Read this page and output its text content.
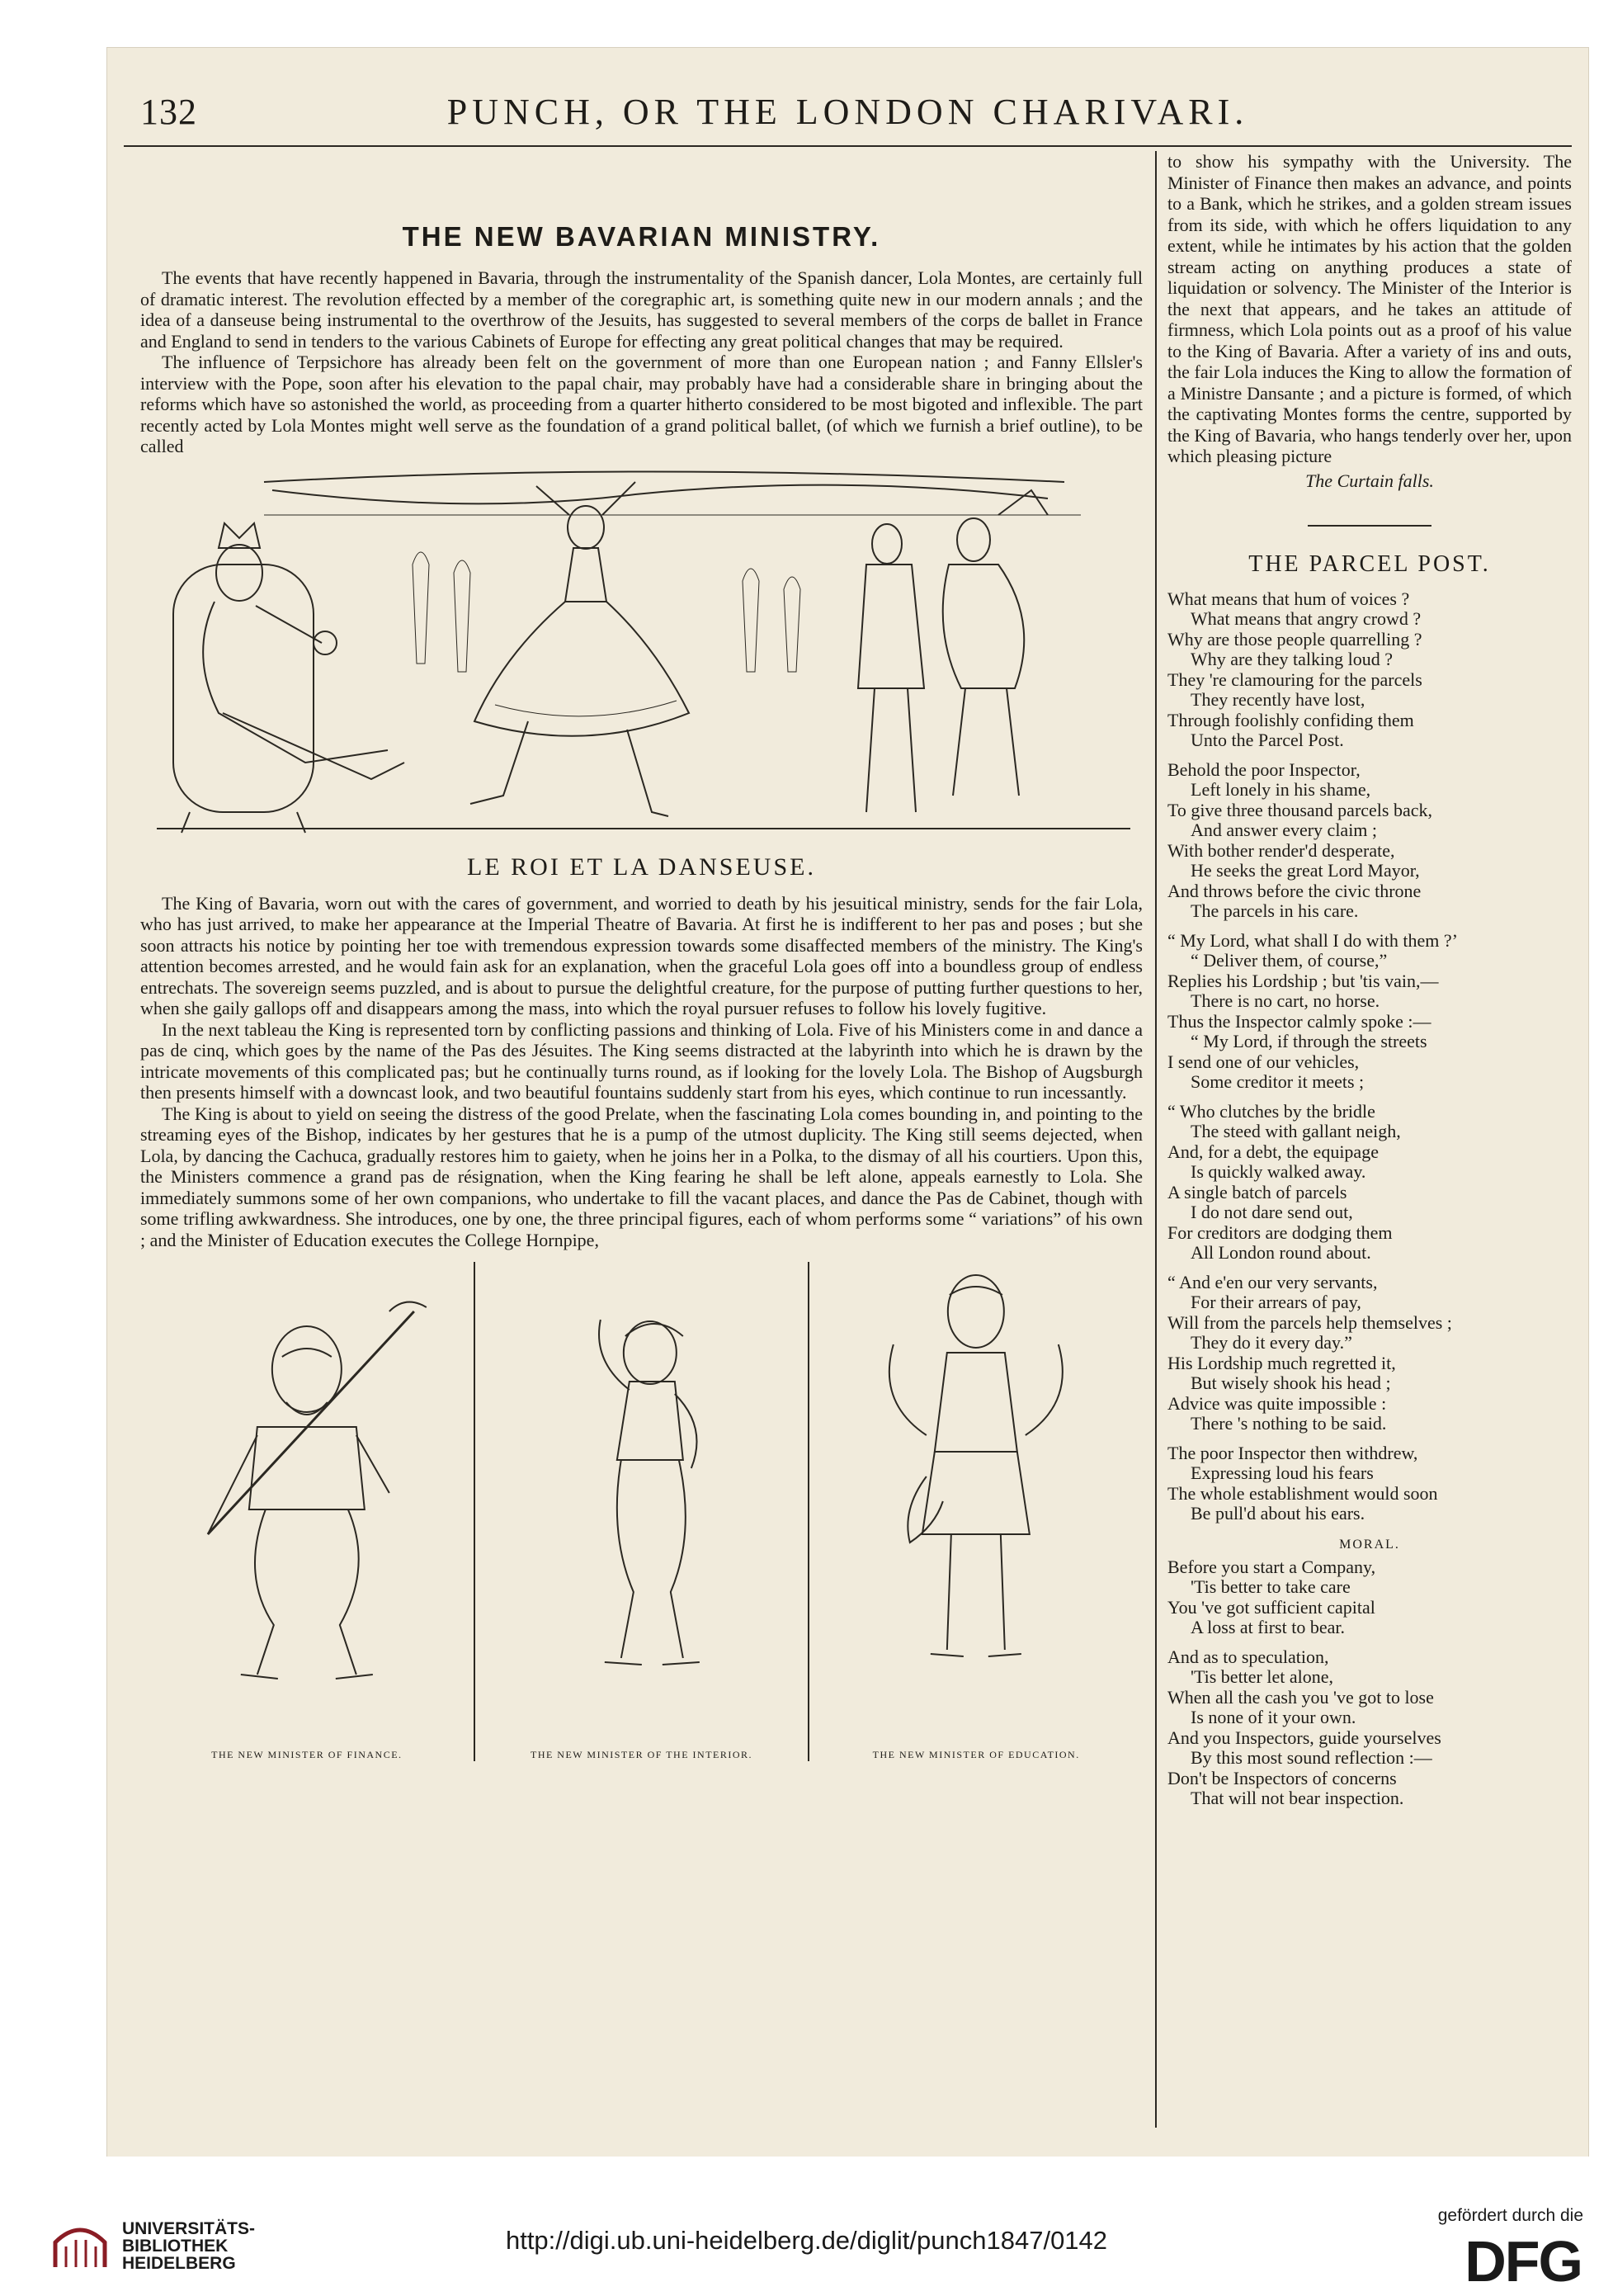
132	PUNCH, OR THE LONDON CHARIVARI.
THE NEW BAVARIAN MINISTRY.

The events that have recently happened in Bavaria, through the instrumentality of the Spanish dancer, Lola Montes, are certainly full of dramatic interest. The revolution effected by a member of the coregraphic art, is something quite new in our modern annals ; and the idea of a danseuse being instrumental to the overthrow of the Jesuits, has suggested to several members of the corps de ballet in France and England to send in tenders to the various Cabinets of Europe for effecting any great political changes that may be required.

The influence of Terpsichore has already been felt on the government of more than one European nation ; and Fanny Ellsler's interview with the Pope, soon after his elevation to the papal chair, may probably have had a considerable share in bringing about the reforms which have so astonished the world, as proceeding from a quarter hitherto considered to be most bigoted and inflexible. The part recently acted by Lola Montes might well serve as the foundation of a grand political ballet, (of which we furnish a brief outline), to be called

LE ROI ET LA DANSEUSE.

The King of Bavaria, worn out with the cares of government, and worried to death by his jesuitical ministry, sends for the fair Lola, who has just arrived, to make her appearance at the Imperial Theatre of Bavaria. At first he is indifferent to her pas and poses ; but she soon attracts his notice by pointing her toe with tremendous expression towards some disaffected members of the ministry. The King's attention becomes arrested, and he would fain ask for an explanation, when the graceful Lola goes off into a boundless group of endless entrechats. The sovereign seems puzzled, and is about to pursue the delightful creature, for the purpose of putting further questions to her, when she gaily gallops off and disappears among the mass, into which the royal pursuer refuses to follow his lovely fugitive.

In the next tableau the King is represented torn by conflicting passions and thinking of Lola. Five of his Ministers come in and dance a pas de cinq, which goes by the name of the Pas des Jésuites. The King seems distracted at the labyrinth into which he is drawn by the intricate movements of this complicated pas; but he continually turns round, as if looking for the lovely Lola. The Bishop of Augsburgh then presents himself with a downcast look, and two beautiful fountains suddenly start from his eyes, which continue to run incessantly.

The King is about to yield on seeing the distress of the good Prelate, when the fascinating Lola comes bounding in, and pointing to the streaming eyes of the Bishop, indicates by her gestures that he is a pump of the utmost duplicity. The King still seems dejected, when Lola, by dancing the Cachuca, gradually restores him to gaiety, when he joins her in a Polka, to the dismay of all his courtiers. Upon this, the Ministers commence a grand pas de résignation, when the King fearing he shall be left alone, appeals earnestly to Lola. She immediately summons some of her own companions, who undertake to fill the vacant places, and dance the Pas de Cabinet, though with some trifling awkwardness. She introduces, one by one, the three principal figures, each of whom performs some “ variations” of his own ; and the Minister of Education executes the College Hornpipe,

THE NEW MINISTER OF FINANCE.	THE NEW MINISTER OF THE INTERIOR.	THE NEW MINISTER OF EDUCATION.

to show his sympathy with the University. The Minister of Finance then makes an advance, and points to a Bank, which he strikes, and a golden stream issues from its side, with which he offers liquidation to any extent, while he intimates by his action that the golden stream acting on anything produces a state of liquidation or solvency. The Minister of the Interior is the next that appears, and he takes an attitude of firmness, which Lola points out as a proof of his value to the King of Bavaria. After a variety of ins and outs, the fair Lola induces the King to allow the formation of a Ministre Dansante ; and a picture is formed, of which the captivating Montes forms the centre, supported by the King of Bavaria, who hangs tenderly over her, upon which pleasing picture

The Curtain falls.
THE PARCEL POST.
What means that hum of voices ?
What means that angry crowd ?
Why are those people quarrelling ?
Why are they talking loud ?
They 're clamouring for the parcels
They recently have lost,
Through foolishly confiding them
Unto the Parcel Post.
Behold the poor Inspector,
Left lonely in his shame,
To give three thousand parcels back,
And answer every claim ;
With bother render'd desperate,
He seeks the great Lord Mayor,
And throws before the civic throne
The parcels in his care.
“ My Lord, what shall I do with them ?’
“ Deliver them, of course,”
Replies his Lordship ; but 'tis vain,—
There is no cart, no horse.
Thus the Inspector calmly spoke :—
“ My Lord, if through the streets
I send one of our vehicles,
Some creditor it meets ;
“ Who clutches by the bridle
The steed with gallant neigh,
And, for a debt, the equipage
Is quickly walked away.
A single batch of parcels
I do not dare send out,
For creditors are dodging them
All London round about.
“ And e'en our very servants,
For their arrears of pay,
Will from the parcels help themselves ;
They do it every day.”
His Lordship much regretted it,
But wisely shook his head ;
Advice was quite impossible :
There 's nothing to be said.
The poor Inspector then withdrew,
Expressing loud his fears
The whole establishment would soon
Be pull'd about his ears.
MORAL.
Before you start a Company,
'Tis better to take care
You 've got sufficient capital
A loss at first to bear.
And as to speculation,
'Tis better let alone,
When all the cash you 've got to lose
Is none of it your own.
And you Inspectors, guide yourselves
By this most sound reflection :—
Don't be Inspectors of concerns
That will not bear inspection.
UNIVERSITÄTS-
BIBLIOTHEK
HEIDELBERG
http://digi.ub.uni-heidelberg.de/diglit/punch1847/0142
gefördert durch die
DFG
